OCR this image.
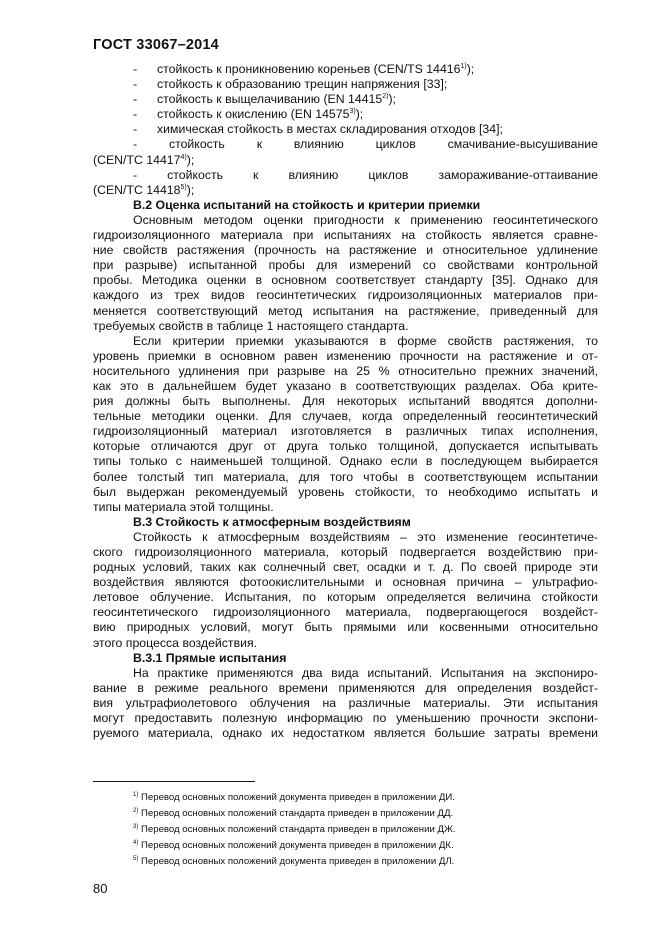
ГОСТ 33067–2014
- стойкость к проникновению кореньев (CEN/TS 14416$^{1)}$);
- стойкость к образованию трещин напряжения [33];
- стойкость к выщелачиванию (EN 14415$^{2)}$);
- стойкость к окислению (EN 14575$^{3)}$);
- химическая стойкость в местах складирования отходов [34];
- стойкость к влиянию циклов смачивание-высушивание
(CEN/TC 14417$^{4)}$);
- стойкость к влиянию циклов замораживание-оттаивание
(CEN/TC 14418$^{5)}$);
В.2 Оценка испытаний на стойкость и критерии приемки
Основным методом оценки пригодности к применению геосинтетического
гидроизоляционного материала при испытаниях на стойкость является сравне-
ние свойств растяжения (прочность на растяжение и относительное удлинение
при разрыве) испытанной пробы для измерений со свойствами контрольной
пробы. Методика оценки в основном соответствует стандарту [35]. Однако для
каждого из трех видов геосинтетических гидроизоляционных материалов при-
меняется соответствующий метод испытания на растяжение, приведенный для
требуемых свойств в таблице 1 настоящего стандарта.
Если критерии приемки указываются в форме свойств растяжения, то
уровень приемки в основном равен изменению прочности на растяжение и от-
носительного удлинения при разрыве на 25 % относительно прежних значений,
как это в дальнейшем будет указано в соответствующих разделах. Оба крите-
рия должны быть выполнены. Для некоторых испытаний вводятся дополни-
тельные методики оценки. Для случаев, когда определенный геосинтетический
гидроизоляционный материал изготовляется в различных типах исполнения,
которые отличаются друг от друга только толщиной, допускается испытывать
типы только с наименьшей толщиной. Однако если в последующем выбирается
более толстый тип материала, для того чтобы в соответствующем испытании
был выдержан рекомендуемый уровень стойкости, то необходимо испытать и
типы материала этой толщины.
В.3 Стойкость к атмосферным воздействиям
Стойкость к атмосферным воздействиям – это изменение геосинтетиче-
ского гидроизоляционного материала, который подвергается воздействию при-
родных условий, таких как солнечный свет, осадки и т. д. По своей природе эти
воздействия являются фотоокислительными и основная причина – ультрафио-
летовое облучение. Испытания, по которым определяется величина стойкости
геосинтетического гидроизоляционного материала, подвергающегося воздейст-
вию природных условий, могут быть прямыми или косвенными относительно
этого процесса воздействия.
В.3.1 Прямые испытания
На практике применяются два вида испытаний. Испытания на экспониро-
вание в режиме реального времени применяются для определения воздейст-
вия ультрафиолетового облучения на различные материалы. Эти испытания
могут предоставить полезную информацию по уменьшению прочности экспони-
руемого материала, однако их недостатком является большие затраты времени
$^{1)}$ Перевод основных положений документа приведен в приложении ДИ.
$^{2)}$ Перевод основных положений стандарта приведен в приложении ДД.
$^{3)}$ Перевод основных положений стандарта приведен в приложении ДЖ.
$^{4)}$ Перевод основных положений документа приведен в приложении ДК.
$^{5)}$ Перевод основных положений документа приведен в приложении ДЛ.
80
